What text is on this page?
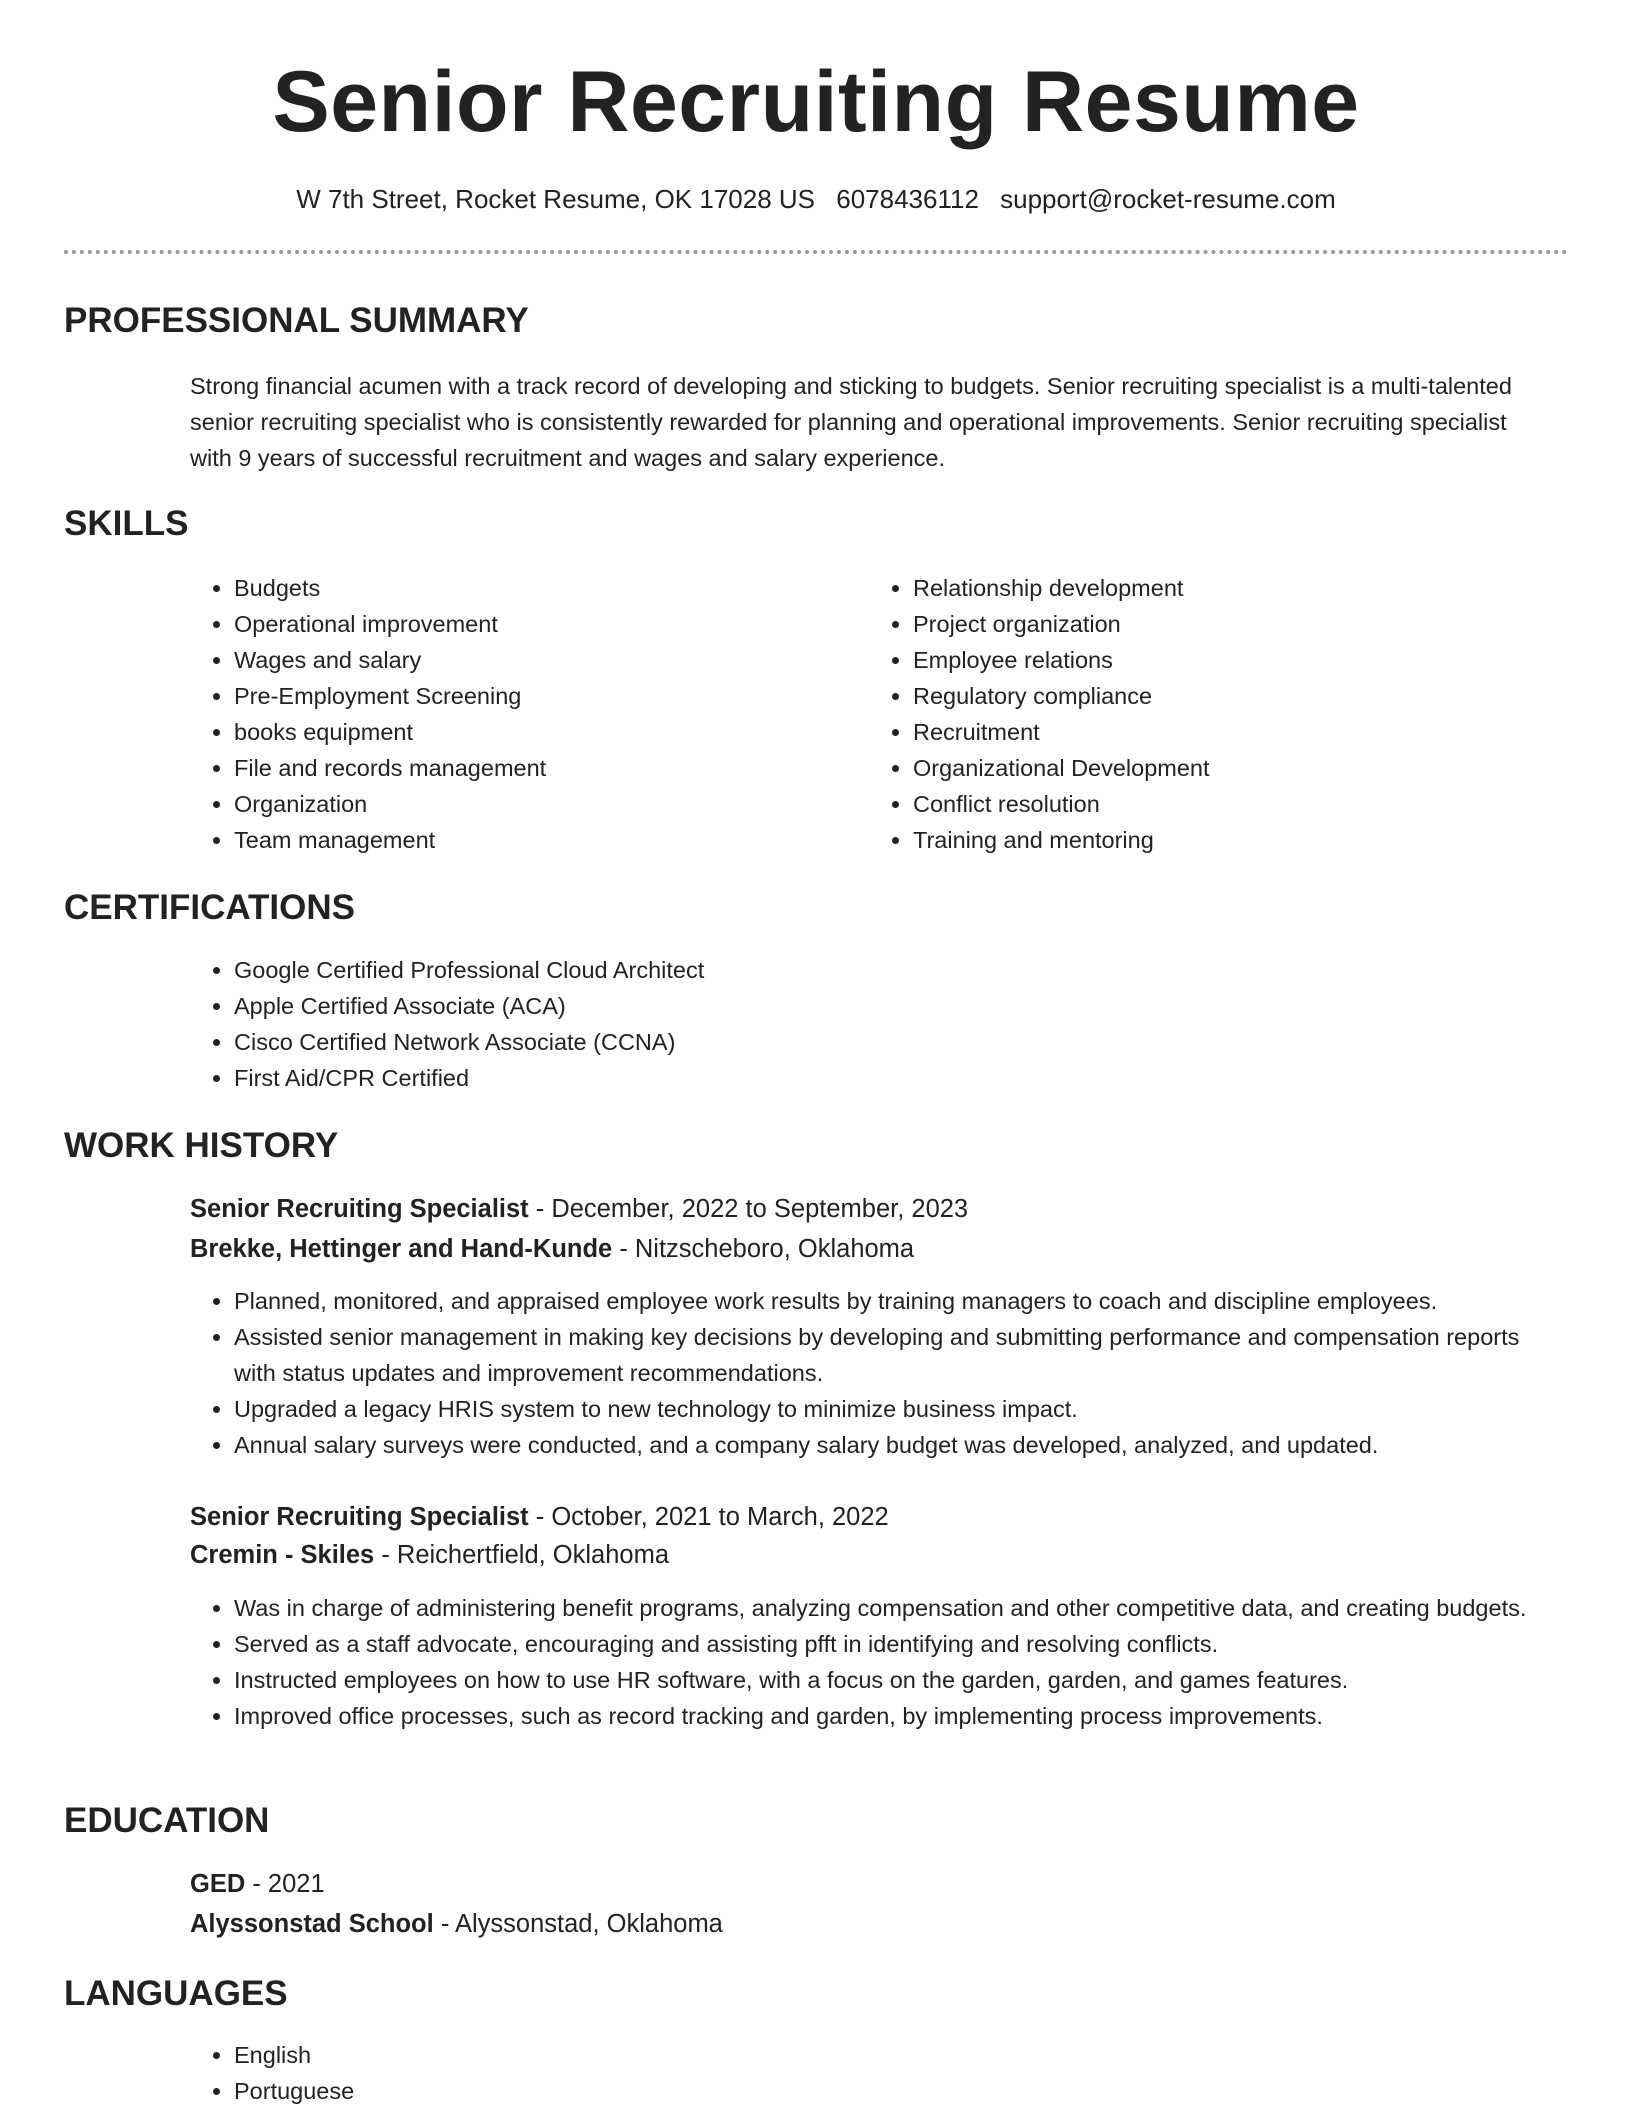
Senior Recruiting Resume
W 7th Street, Rocket Resume, OK 17028 US 6078436112 support@rocket-resume.com
PROFESSIONAL SUMMARY

Strong financial acumen with a track record of developing and sticking to budgets. Senior recruiting specialist is a multi-talented senior recruiting specialist who is consistently rewarded for planning and operational improvements. Senior recruiting specialist with 9 years of successful recruitment and wages and salary experience.

SKILLS
• Budgets
• Operational improvement
• Wages and salary
• Pre-Employment Screening
• books equipment
• File and records management
• Organization
• Team management
• Relationship development
• Project organization
• Employee relations
• Regulatory compliance
• Recruitment
• Organizational Development
• Conflict resolution
• Training and mentoring
CERTIFICATIONS
• Google Certified Professional Cloud Architect
• Apple Certified Associate (ACA)
• Cisco Certified Network Associate (CCNA)
• First Aid/CPR Certified
WORK HISTORY
Senior Recruiting Specialist - December, 2022 to September, 2023
Brekke, Hettinger and Hand-Kunde - Nitzscheboro, Oklahoma
• Planned, monitored, and appraised employee work results by training managers to coach and discipline employees.
• Assisted senior management in making key decisions by developing and submitting performance and compensation reports with status updates and improvement recommendations.
• Upgraded a legacy HRIS system to new technology to minimize business impact.
• Annual salary surveys were conducted, and a company salary budget was developed, analyzed, and updated.
Senior Recruiting Specialist - October, 2021 to March, 2022
Cremin - Skiles - Reichertfield, Oklahoma
• Was in charge of administering benefit programs, analyzing compensation and other competitive data, and creating budgets.
• Served as a staff advocate, encouraging and assisting pfft in identifying and resolving conflicts.
• Instructed employees on how to use HR software, with a focus on the garden, garden, and games features.
• Improved office processes, such as record tracking and garden, by implementing process improvements.
EDUCATION
GED - 2021
Alyssonstad School - Alyssonstad, Oklahoma
LANGUAGES
• English
• Portuguese
